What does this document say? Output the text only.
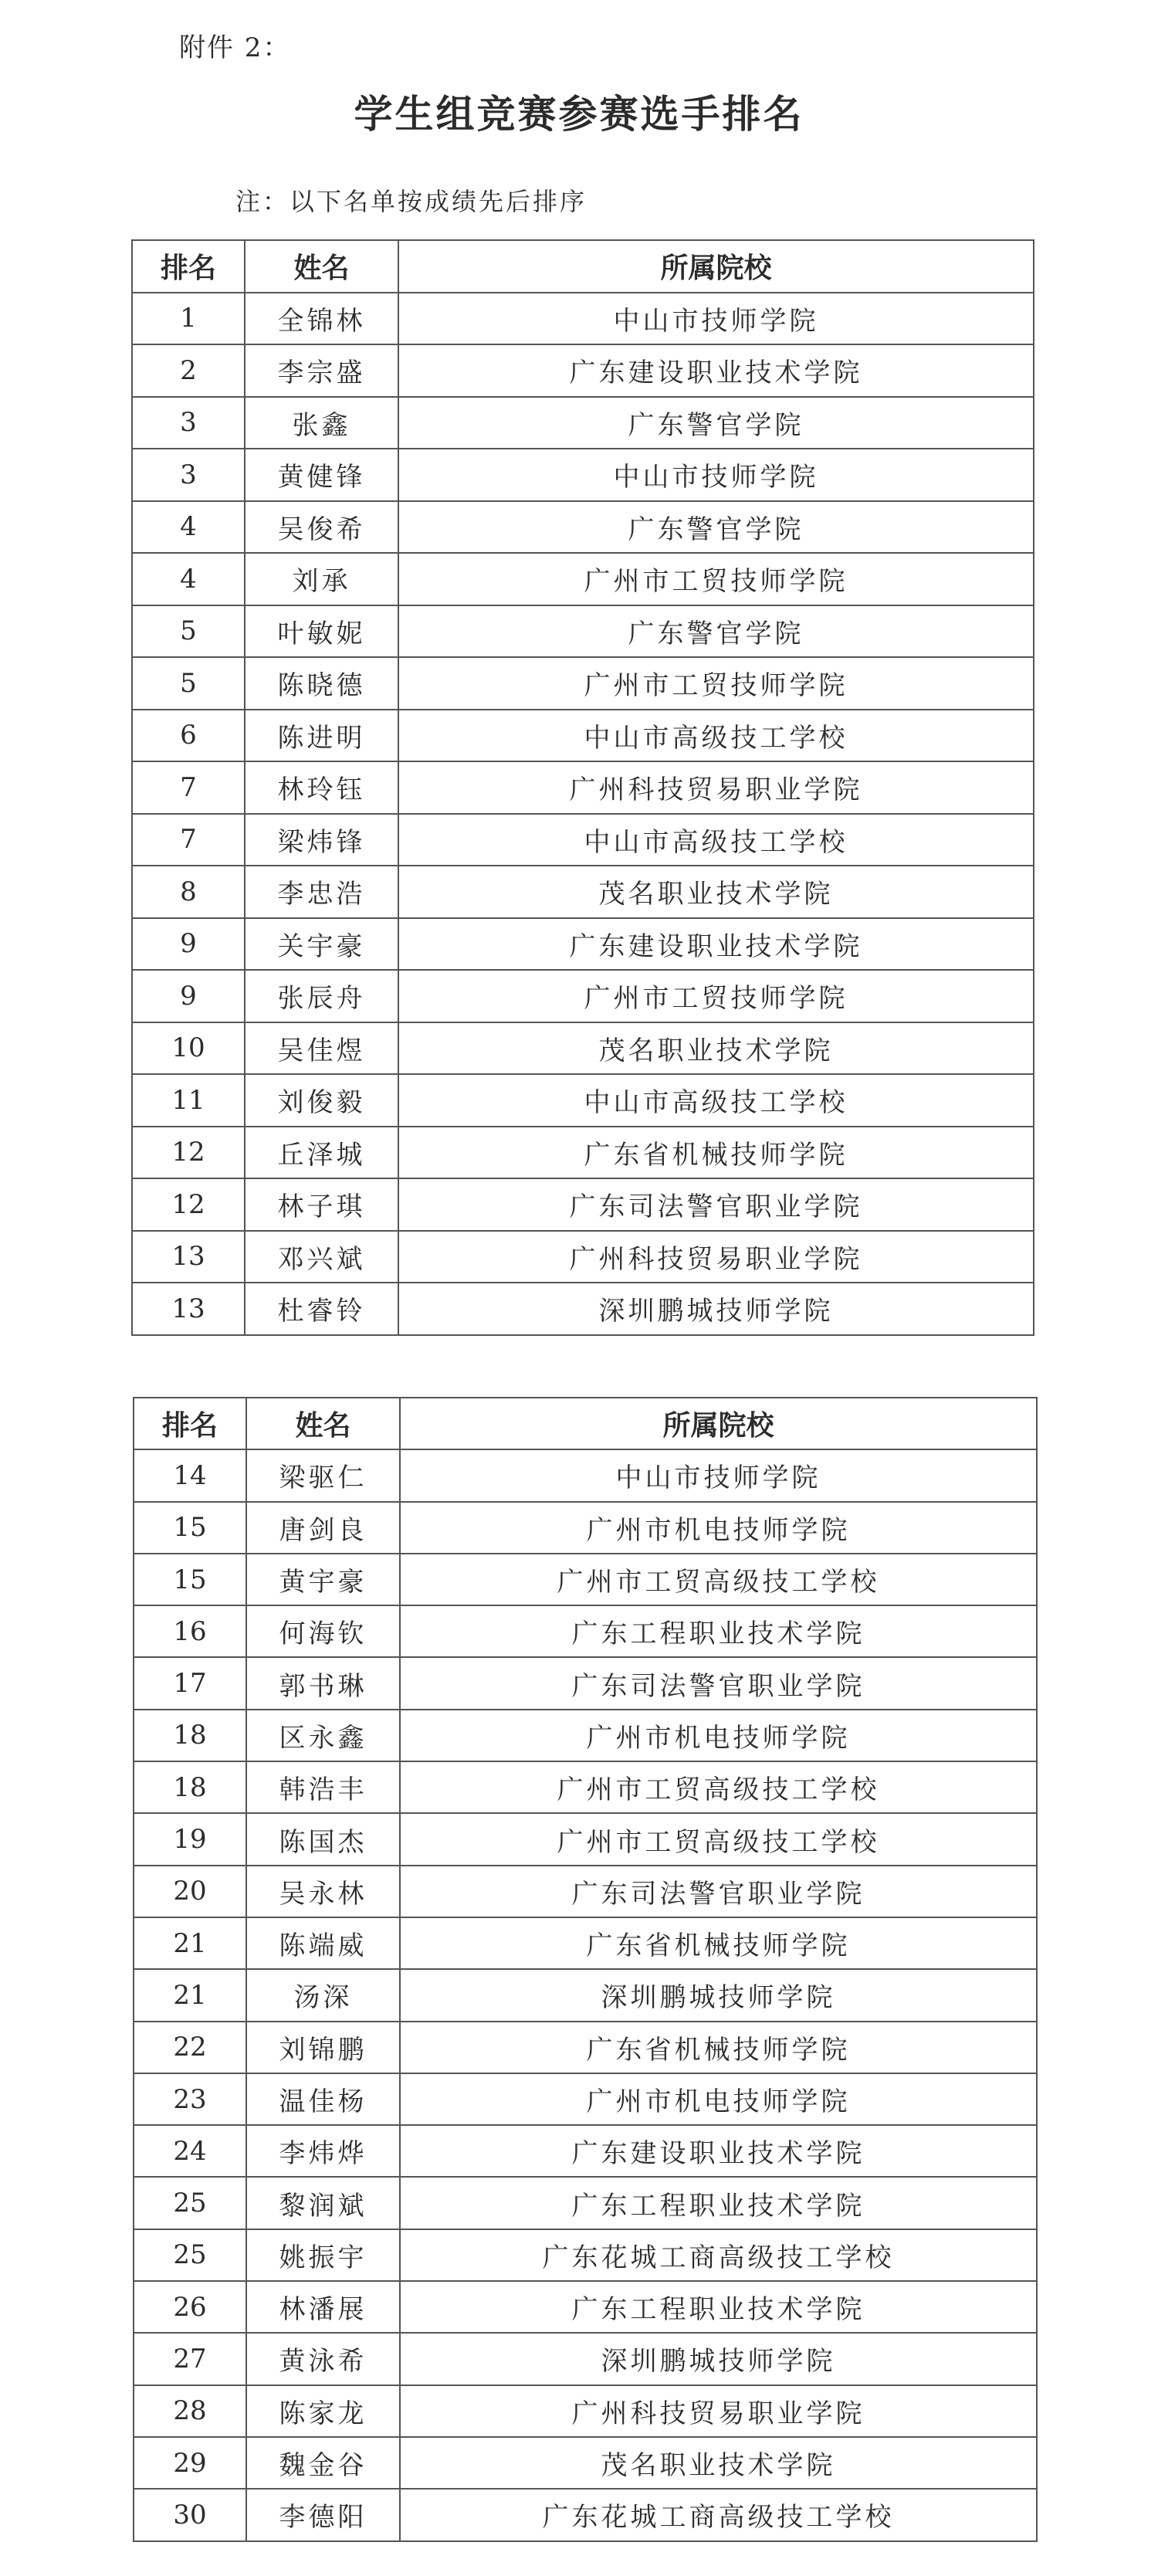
附件 2：
学生组竞赛参赛选手排名
注：以下名单按成绩先后排序
排名	姓名	所属院校
1	全锦林	中山市技师学院
2	李宗盛	广东建设职业技术学院
3	张鑫	广东警官学院
3	黄健锋	中山市技师学院
4	吴俊希	广东警官学院
4	刘承	广州市工贸技师学院
5	叶敏妮	广东警官学院
5	陈晓德	广州市工贸技师学院
6	陈进明	中山市高级技工学校
7	林玲钰	广州科技贸易职业学院
7	梁炜锋	中山市高级技工学校
8	李忠浩	茂名职业技术学院
9	关宇豪	广东建设职业技术学院
9	张辰舟	广州市工贸技师学院
10	吴佳煜	茂名职业技术学院
11	刘俊毅	中山市高级技工学校
12	丘泽城	广东省机械技师学院
12	林子琪	广东司法警官职业学院
13	邓兴斌	广州科技贸易职业学院
13	杜睿铃	深圳鹏城技师学院
排名	姓名	所属院校
14	梁驱仁	中山市技师学院
15	唐剑良	广州市机电技师学院
15	黄宇豪	广州市工贸高级技工学校
16	何海钦	广东工程职业技术学院
17	郭书琳	广东司法警官职业学院
18	区永鑫	广州市机电技师学院
18	韩浩丰	广州市工贸高级技工学校
19	陈国杰	广州市工贸高级技工学校
20	吴永林	广东司法警官职业学院
21	陈端威	广东省机械技师学院
21	汤深	深圳鹏城技师学院
22	刘锦鹏	广东省机械技师学院
23	温佳杨	广州市机电技师学院
24	李炜烨	广东建设职业技术学院
25	黎润斌	广东工程职业技术学院
25	姚振宇	广东花城工商高级技工学校
26	林潘展	广东工程职业技术学院
27	黄泳希	深圳鹏城技师学院
28	陈家龙	广州科技贸易职业学院
29	魏金谷	茂名职业技术学院
30	李德阳	广东花城工商高级技工学校
